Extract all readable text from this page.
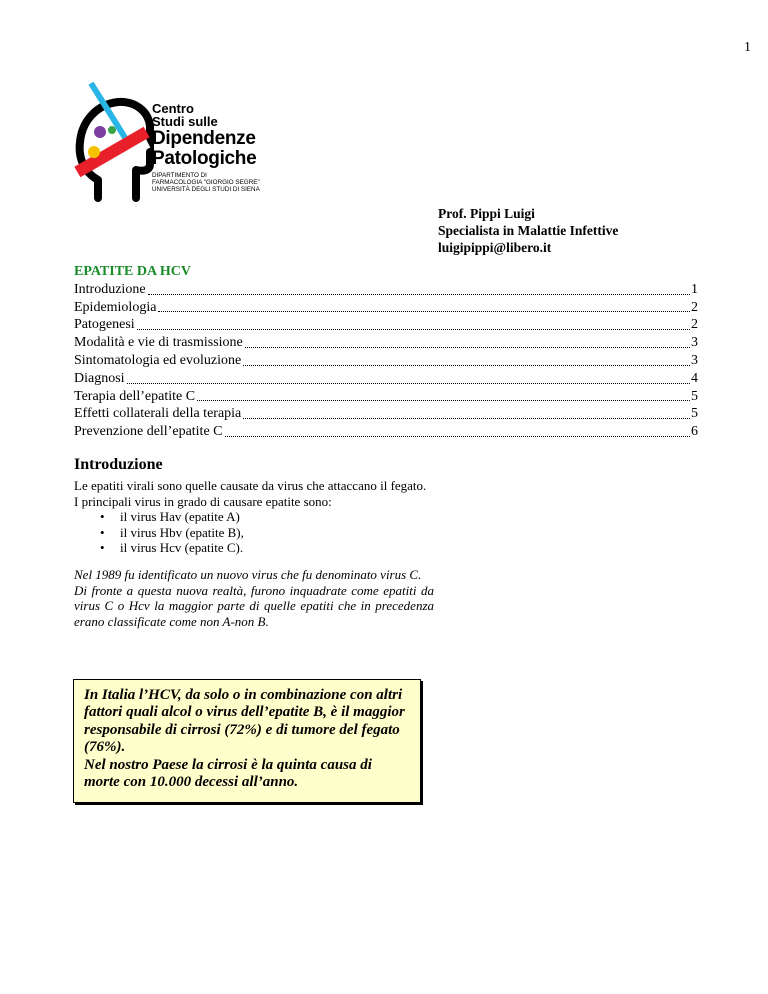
1
Centro
Studi sulle
Dipendenze
Patologiche
DIPARTIMENTO DI
FARMACOLOGIA "GIORGIO SEGRE"
UNIVERSITÀ DEGLI STUDI DI SIENA
Prof. Pippi Luigi
Specialista in Malattie Infettive
luigipippi@libero.it
EPATITE DA HCV
Introduzione	1
Epidemiologia	2
Patogenesi	2
Modalità e vie di trasmissione	3
Sintomatologia ed evoluzione	3
Diagnosi	4
Terapia dell’epatite C	5
Effetti collaterali della terapia	5
Prevenzione dell’epatite C	6
Introduzione

Le epatiti virali sono quelle causate da virus che attaccano il fegato.

I principali virus in grado di causare epatite sono:

• il virus Hav (epatite A)
• il virus Hbv (epatite B),
• il virus Hcv (epatite C).

Nel 1989 fu identificato un nuovo virus che fu denominato virus C.

Di fronte a questa nuova realtà, furono inquadrate come epatiti da virus C o Hcv la maggior parte di quelle epatiti che in precedenza erano classificate come non A-non B.

In Italia l’HCV, da solo o in combinazione con altri fattori quali alcol o virus dell’epatite B, è il maggior responsabile di cirrosi (72%) e di tumore del fegato (76%).
Nel nostro Paese la cirrosi è la quinta causa di morte con 10.000 decessi all’anno.
